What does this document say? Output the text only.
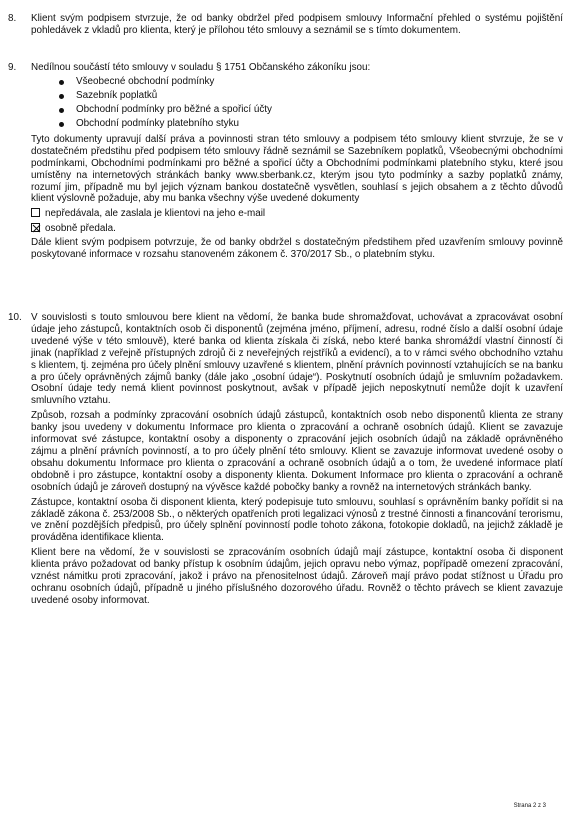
8. Klient svým podpisem stvrzuje, že od banky obdržel před podpisem smlouvy Informační přehled o systému pojištění pohledávek z vkladů pro klienta, který je přílohou této smlouvy a seznámil se s tímto dokumentem.

9. Nedílnou součástí této smlouvy v souladu § 1751 Občanského zákoníku jsou:

Všeobecné obchodní podmínky
Sazebník poplatků
Obchodní podmínky pro běžné a spořicí účty
Obchodní podmínky platebního styku

Tyto dokumenty upravují další práva a povinnosti stran této smlouvy a podpisem této smlouvy klient stvrzuje, že se v dostatečném předstihu před podpisem této smlouvy řádně seznámil se Sazebníkem poplatků, Všeobecnými obchodními podmínkami, Obchodními podmínkami pro běžné a spořicí účty a Obchodními podmínkami platebního styku, které jsou umístěny na internetových stránkách banky www.sberbank.cz, kterým jsou tyto podmínky a sazby poplatků známy, rozumí jim, případně mu byl jejich význam bankou dostatečně vysvětlen, souhlasí s jejich obsahem a z těchto důvodů klient výslovně požaduje, aby mu banka všechny výše uvedené dokumenty

nepředávala, ale zaslala je klientovi na jeho e-mail
osobně předala.

Dále klient svým podpisem potvrzuje, že od banky obdržel s dostatečným předstihem před uzavřením smlouvy povinně poskytované informace v rozsahu stanoveném zákonem č. 370/2017 Sb., o platebním styku.

10. V souvislosti s touto smlouvou bere klient na vědomí, že banka bude shromažďovat, uchovávat a zpracovávat osobní údaje jeho zástupců, kontaktních osob či disponentů (zejména jméno, příjmení, adresu, rodné číslo a další osobní údaje uvedené výše v této smlouvě), které banka od klienta získala či získá, nebo které banka shromáždí vlastní činností či jinak (například z veřejně přístupných zdrojů či z neveřejných rejstříků a evidencí), a to v rámci svého obchodního vztahu s klientem, tj. zejména pro účely plnění smlouvy uzavřené s klientem, plnění právních povinností vztahujících se na banku a pro účely oprávněných zájmů banky (dále jako „osobní údaje“). Poskytnutí osobních údajů je smluvním požadavkem. Osobní údaje tedy nemá klient povinnost poskytnout, avšak v případě jejich neposkytnutí nemůže dojít k uzavření smluvního vztahu.

Způsob, rozsah a podmínky zpracování osobních údajů zástupců, kontaktních osob nebo disponentů klienta ze strany banky jsou uvedeny v dokumentu Informace pro klienta o zpracování a ochraně osobních údajů. Klient se zavazuje informovat své zástupce, kontaktní osoby a disponenty o zpracování jejich osobních údajů na základě oprávněného zájmu a plnění právních povinností, a to pro účely plnění této smlouvy. Klient se zavazuje informovat uvedené osoby o obsahu dokumentu Informace pro klienta o zpracování a ochraně osobních údajů a o tom, že uvedené informace platí obdobně i pro zástupce, kontaktní osoby a disponenty klienta. Dokument Informace pro klienta o zpracování a ochraně osobních údajů je zároveň dostupný na vývěsce každé pobočky banky a rovněž na internetových stránkách banky.

Zástupce, kontaktní osoba či disponent klienta, který podepisuje tuto smlouvu, souhlasí s oprávněním banky pořídit si na základě zákona č. 253/2008 Sb., o některých opatřeních proti legalizaci výnosů z trestné činnosti a financování terorismu, ve znění pozdějších předpisů, pro účely splnění povinností podle tohoto zákona, fotokopie dokladů, na jejichž základě je prováděna identifikace klienta.

Klient bere na vědomí, že v souvislosti se zpracováním osobních údajů mají zástupce, kontaktní osoba či disponent klienta právo požadovat od banky přístup k osobním údajům, jejich opravu nebo výmaz, popřípadě omezení zpracování, vznést námitku proti zpracování, jakož i právo na přenositelnost údajů. Zároveň mají právo podat stížnost u Úřadu pro ochranu osobních údajů, případně u jiného příslušného dozorového úřadu. Rovněž o těchto právech se klient zavazuje uvedené osoby informovat.

Strana 2 z 3
